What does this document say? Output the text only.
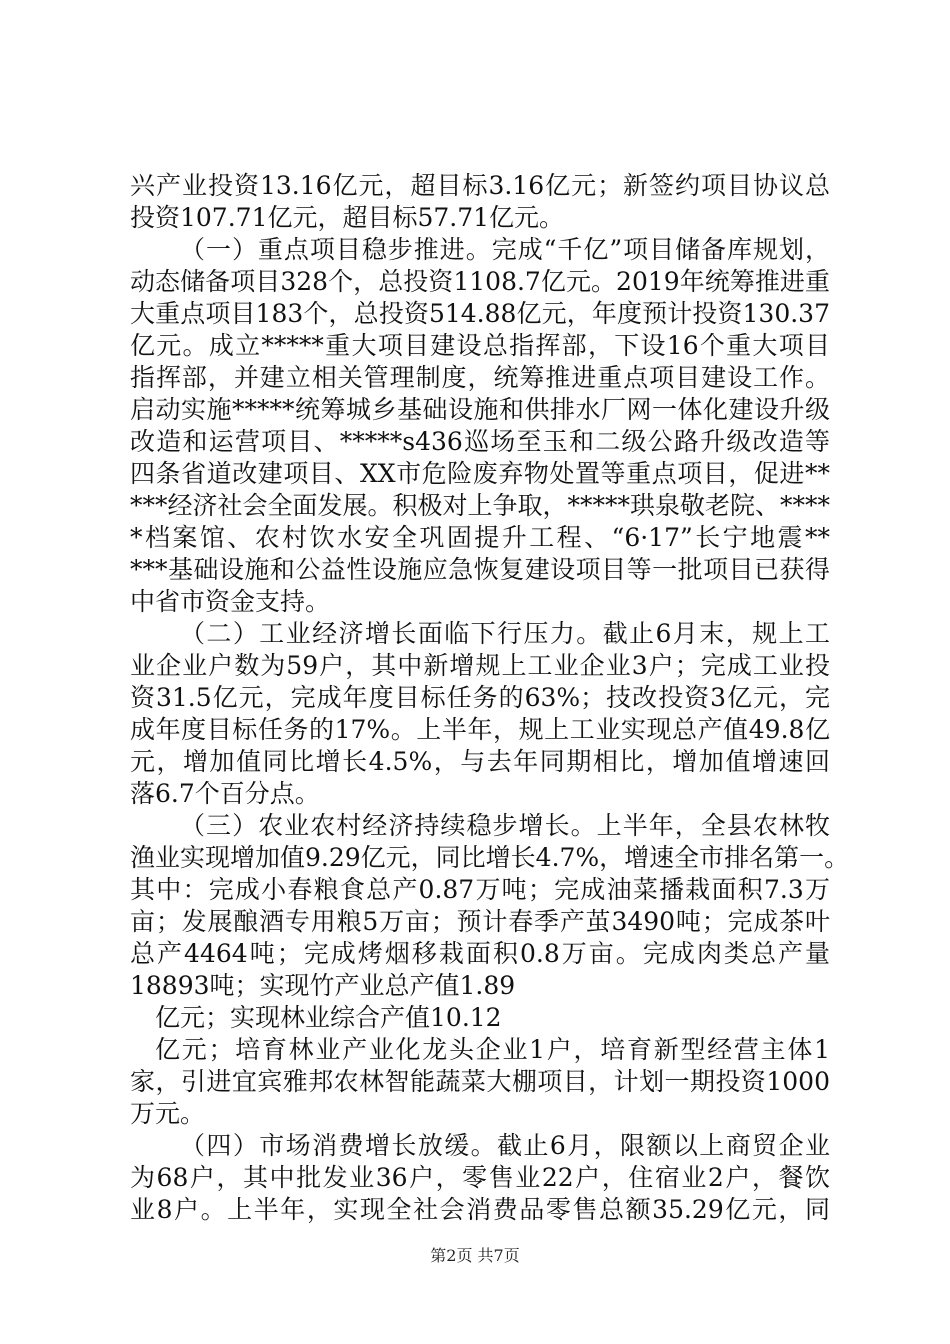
兴产业投资13.16亿元，超目标3.16亿元；新签约项目协议总
投资107.71亿元，超目标57.71亿元。
（一）重点项目稳步推进。完成“千亿”项目储备库规划，
动态储备项目328个，总投资1108.7亿元。2019年统筹推进重
大重点项目183个，总投资514.88亿元，年度预计投资130.37
亿元。成立*****重大项目建设总指挥部，下设16个重大项目
指挥部，并建立相关管理制度，统筹推进重点项目建设工作。
启动实施*****统筹城乡基础设施和供排水厂网一体化建设升级
改造和运营项目、*****s436巡场至玉和二级公路升级改造等
四条省道改建项目、XX市危险废弃物处置等重点项目，促进**
***经济社会全面发展。积极对上争取，*****珙泉敬老院、****
*档案馆、农村饮水安全巩固提升工程、“6·17”长宁地震**
***基础设施和公益性设施应急恢复建设项目等一批项目已获得
中省市资金支持。
（二）工业经济增长面临下行压力。截止6月末，规上工
业企业户数为59户，其中新增规上工业企业3户；完成工业投
资31.5亿元，完成年度目标任务的63%；技改投资3亿元，完
成年度目标任务的17%。上半年，规上工业实现总产值49.8亿
元，增加值同比增长4.5%，与去年同期相比，增加值增速回
落6.7个百分点。
（三）农业农村经济持续稳步增长。上半年，全县农林牧
渔业实现增加值9.29亿元，同比增长4.7%，增速全市排名第一。
其中：完成小春粮食总产0.87万吨；完成油菜播栽面积7.3万
亩；发展酿酒专用粮5万亩；预计春季产茧3490吨；完成茶叶
总产4464吨；完成烤烟移栽面积0.8万亩。完成肉类总产量
18893吨；实现竹产业总产值1.89
亿元；实现林业综合产值10.12
亿元；培育林业产业化龙头企业1户，培育新型经营主体1
家，引进宜宾雅邦农林智能蔬菜大棚项目，计划一期投资1000
万元。
（四）市场消费增长放缓。截止6月，限额以上商贸企业
为68户，其中批发业36户，零售业22户，住宿业2户，餐饮
业8户。上半年，实现全社会消费品零售总额35.29亿元，同
第2页 共7页
